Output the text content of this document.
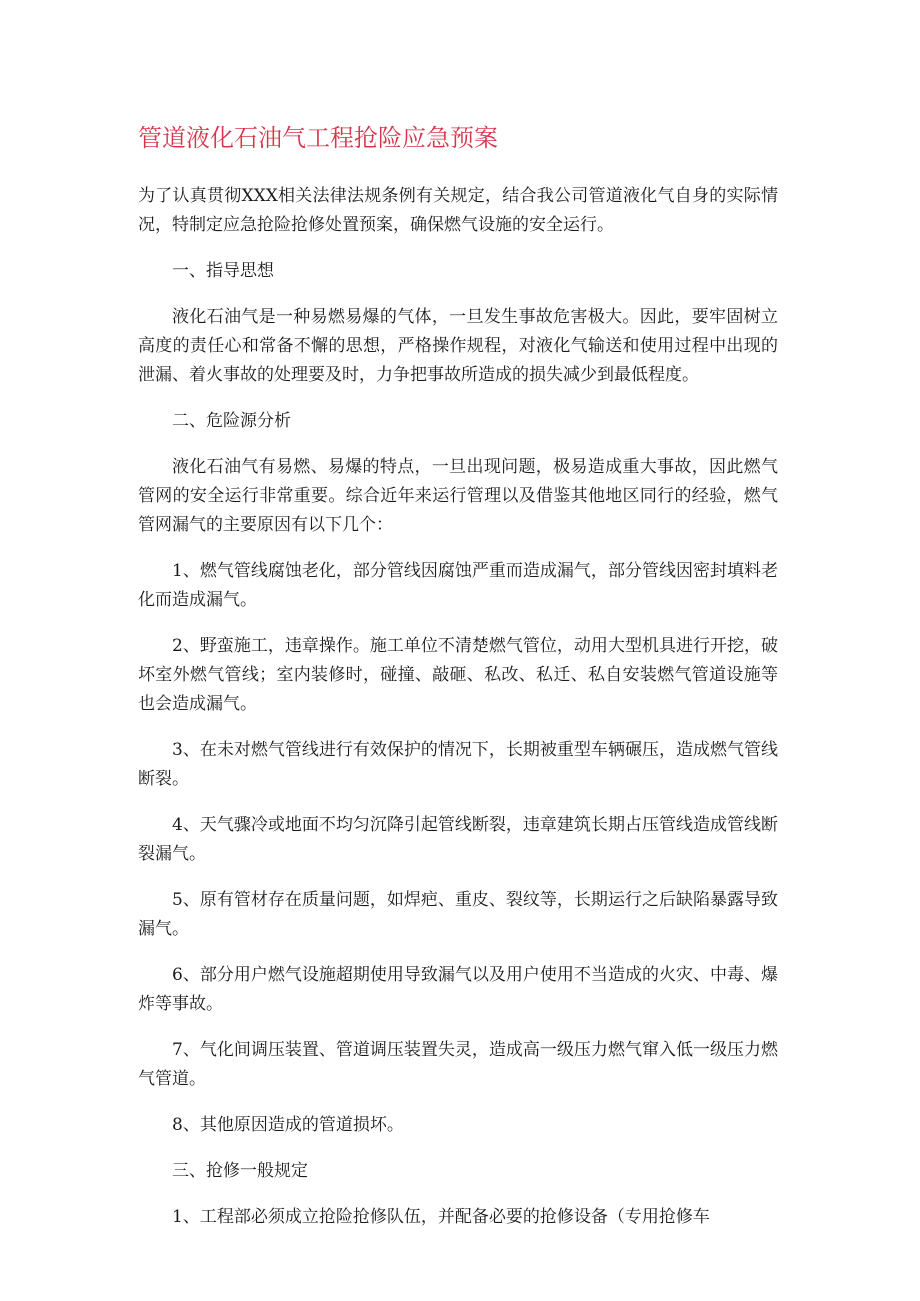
管道液化石油气工程抢险应急预案

为了认真贯彻XXX相关法律法规条例有关规定，结合我公司管道液化气自身的实际情况，特制定应急抢险抢修处置预案，确保燃气设施的安全运行。

一、指导思想

液化石油气是一种易燃易爆的气体，一旦发生事故危害极大。因此，要牢固树立高度的责任心和常备不懈的思想，严格操作规程，对液化气输送和使用过程中出现的泄漏、着火事故的处理要及时，力争把事故所造成的损失减少到最低程度。

二、危险源分析

液化石油气有易燃、易爆的特点，一旦出现问题，极易造成重大事故，因此燃气管网的安全运行非常重要。综合近年来运行管理以及借鉴其他地区同行的经验，燃气管网漏气的主要原因有以下几个：

1、燃气管线腐蚀老化，部分管线因腐蚀严重而造成漏气，部分管线因密封填料老化而造成漏气。

2、野蛮施工，违章操作。施工单位不清楚燃气管位，动用大型机具进行开挖，破坏室外燃气管线；室内装修时，碰撞、敲砸、私改、私迁、私自安装燃气管道设施等也会造成漏气。

3、在未对燃气管线进行有效保护的情况下，长期被重型车辆碾压，造成燃气管线断裂。

4、天气骤冷或地面不均匀沉降引起管线断裂，违章建筑长期占压管线造成管线断裂漏气。

5、原有管材存在质量问题，如焊疤、重皮、裂纹等，长期运行之后缺陷暴露导致漏气。

6、部分用户燃气设施超期使用导致漏气以及用户使用不当造成的火灾、中毒、爆炸等事故。

7、气化间调压装置、管道调压装置失灵，造成高一级压力燃气窜入低一级压力燃气管道。

8、其他原因造成的管道损坏。

三、抢修一般规定

1、工程部必须成立抢险抢修队伍，并配备必要的抢修设备（专用抢修车
